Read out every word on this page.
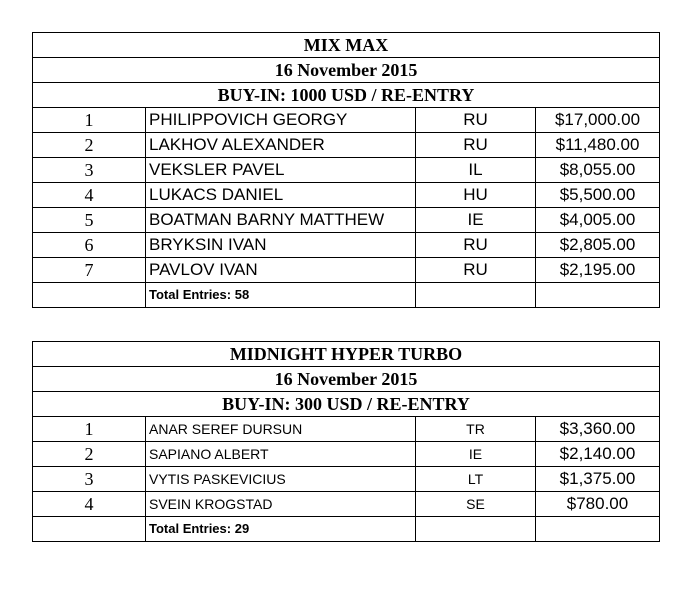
MIX MAX			
16 November 2015			
BUY-IN: 1000 USD / RE-ENTRY			
1	PHILIPPOVICH GEORGY	RU	$17,000.00
2	LAKHOV ALEXANDER	RU	$11,480.00
3	VEKSLER PAVEL	IL	$8,055.00
4	LUKACS DANIEL	HU	$5,500.00
5	BOATMAN BARNY MATTHEW	IE	$4,005.00
6	BRYKSIN IVAN	RU	$2,805.00
7	PAVLOV IVAN	RU	$2,195.00
	Total Entries: 58		
MIDNIGHT HYPER TURBO			
16 November 2015			
BUY-IN: 300 USD / RE-ENTRY			
1	ANAR SEREF DURSUN	TR	$3,360.00
2	SAPIANO ALBERT	IE	$2,140.00
3	VYTIS PASKEVICIUS	LT	$1,375.00
4	SVEIN KROGSTAD	SE	$780.00
	Total Entries: 29		
